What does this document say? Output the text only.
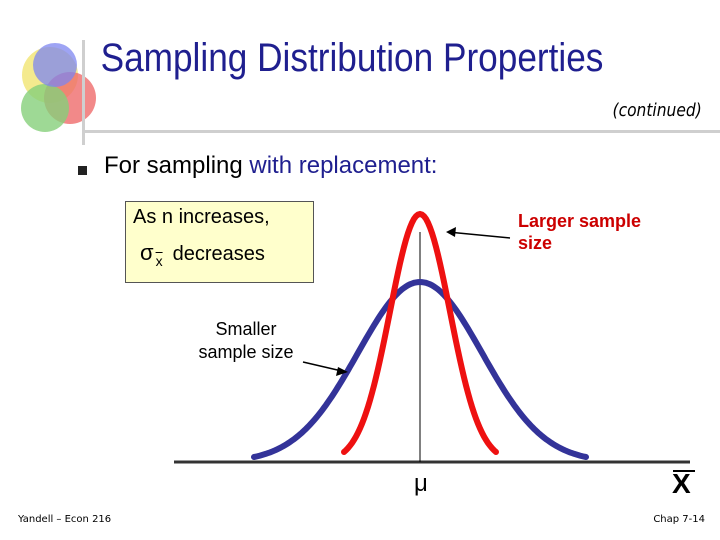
Sampling Distribution Properties
(continued)
For sampling with replacement:
As n increases,
σ $_{\overline{x}}$ decreases
Larger sample size
Smaller sample size
μ	X
Yandell – Econ 216	Chap 7-14
